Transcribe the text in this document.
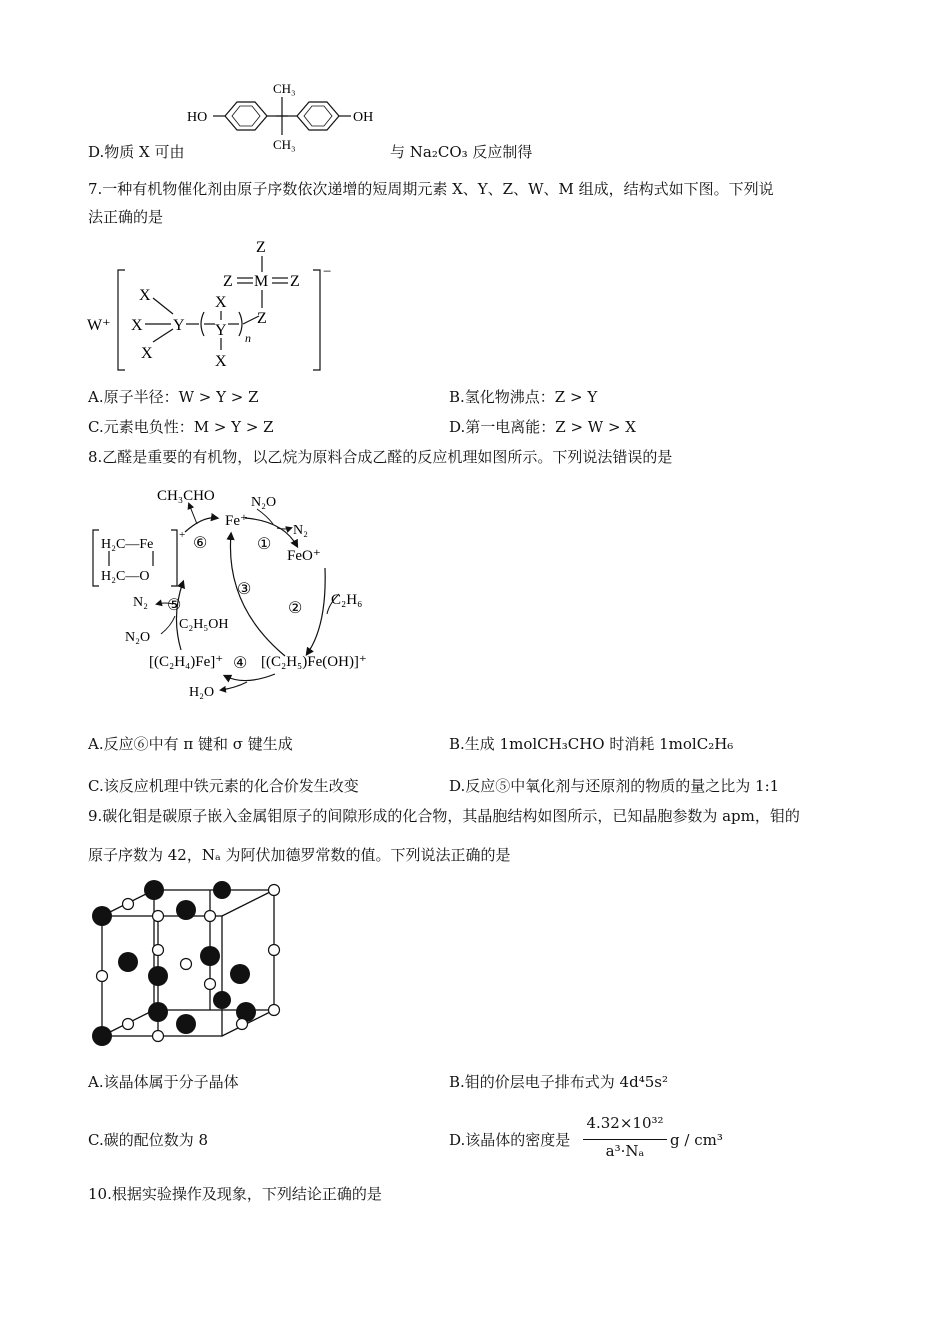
D.物质 X 可由
HO
CH₃
CH₃
OH
与 Na₂CO₃ 反应制得
7.一种有机物催化剂由原子序数依次递增的短周期元素 X、Y、Z、W、M 组成，结构式如下图。下列说
法正确的是
W⁺
−
Z
Z M Z
Z
X
X
X
Y
X
Y
X
n
A.原子半径：W > Y > Z	B.氢化物沸点：Z > Y
C.元素电负性：M > Y > Z	D.第一电离能：Z > W > X
8.乙醛是重要的有机物，以乙烷为原料合成乙醛的反应机理如图所示。下列说法错误的是
CH₃CHO	N₂O
Fe⁺
N₂
FeO⁺
C₂H₆
①
②
③
[(C₂H₅)Fe(OH)]⁺
[(C₂H₄)Fe]⁺
C₂H₅OH
H₂O
④
N₂
N₂O
⑤
+
H₂C—Fe
H₂C—O
⑥
A.反应⑥中有 π 键和 σ 键生成	B.生成 1molCH₃CHO 时消耗 1molC₂H₆
C.该反应机理中铁元素的化合价发生改变	D.反应⑤中氧化剂与还原剂的物质的量之比为 1:1
9.碳化钼是碳原子嵌入金属钼原子的间隙形成的化合物，其晶胞结构如图所示，已知晶胞参数为 apm，钼的
原子序数为 42，Nₐ 为阿伏加德罗常数的值。下列说法正确的是
A.该晶体属于分子晶体	B.钼的价层电子排布式为 4d⁴5s²
C.碳的配位数为 8	D.该晶体的密度是
4.32×10³²
a³·Nₐ
g / cm³
10.根据实验操作及现象，下列结论正确的是
